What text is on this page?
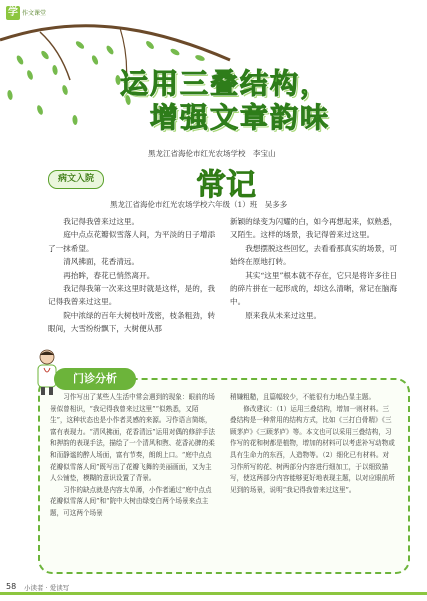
学 作文课堂
运用三叠结构，
增强文章韵味
黑龙江省海伦市红光农场学校　李宝山
病文入院	常记
黑龙江省海伦市红光农场学校六年级（1）班　吴多多

我记得我曾来过这里。

庭中点点花瓣似雪落人间，为平淡的日子增添了一抹希望。

清风拂面，花香清远。

再抬眸，春花已悄然离开。

我记得我第一次来这里时就是这样，是的，我记得我曾来过这里。

院中浓绿的百年大树枝叶茂密，枝条粗劲，转眼间，大雪纷纷飘下，大树便从那

新颖的绿变为闪耀的白，如今再想起来，似熟悉，又陌生。这样的场景，我记得曾来过这里。

我想摆脱这些回忆，去看看那真实的场景，可始终在原地打转。

其实“这里”根本就不存在，它只是将许多往日的碎片拼在一起形成的，却这么清晰，常记在脑海中。

原来我从未来过这里。

门诊分析

习作写出了某些人生活中常会遇到的现象：眼前的场景似曾相识，“我记得我曾来过这里”“似熟悉，又陌生”，这种状态也是小作者灵感的来源。习作语言简练，富有表现力。“清风拂面，花香清远”运用对偶的修辞手法和押韵的表现手法，描绘了一个清风和煦、花香沁脾的柔和而静谧的醉人场面，富有节奏，朗朗上口。“庭中点点花瓣似雪落人间”既写出了花瓣飞舞的美丽画面，又为主人公铺垫，模糊的意识设置了背景。

习作的缺点就是内容太单薄，小作者通过“庭中点点花瓣似雪落人间”和“院中大树由绿变白两个场景来点主题，可这两个场景

稍嫌粗糙，且篇幅较少，不能很有力地凸显主题。

修改建议：（1）运用三叠结构，增加一则材料。三叠结构是一种常用的结构方式，比如《三打白骨精》《三顾茅庐》《三顾茅庐》等。本文也可以采用三叠结构，习作写的花和树都是植物，增加的材料可以考虑补写动物或具有生命力的东西，人造物等。（2）细化已有材料。对习作所写的花、树两部分内容进行细加工，于以细致描写，使这两部分内容能够更好地表现主题，以对应眼前所见到的场景，说明“我记得我曾来过这里”。

58 小读者 · 爱读写
